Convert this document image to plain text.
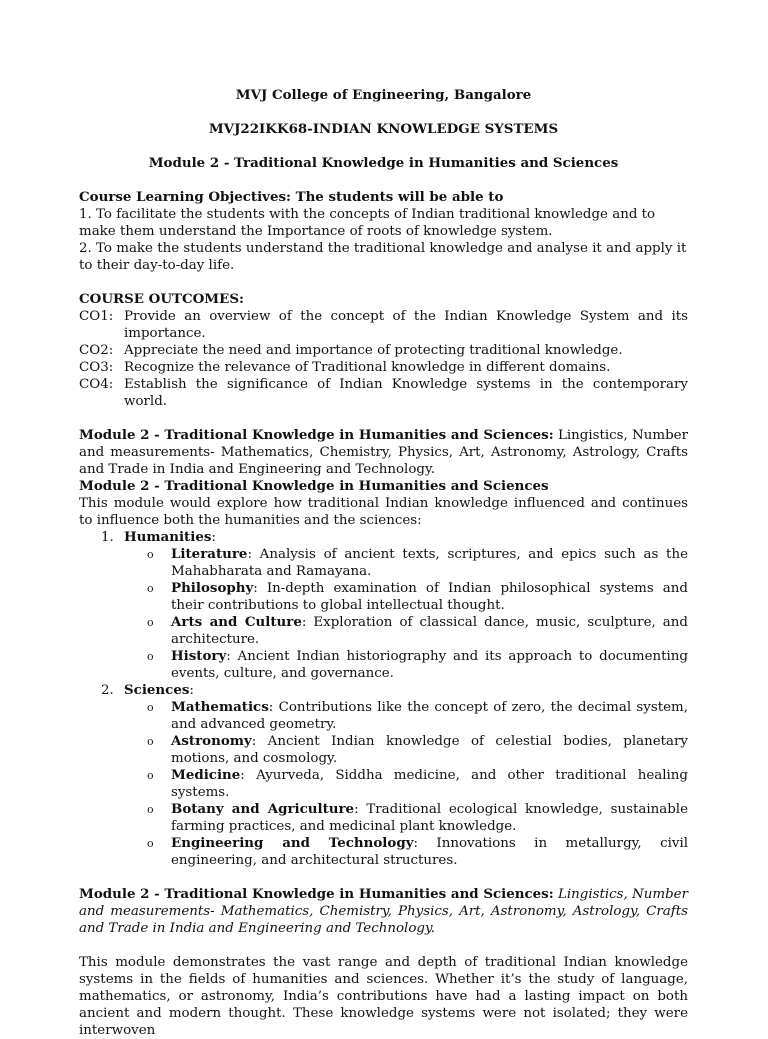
MVJ College of Engineering, Bangalore

MVJ22IKK68-INDIAN KNOWLEDGE SYSTEMS

Module 2 - Traditional Knowledge in Humanities and Sciences

Course Learning Objectives: The students will be able to

1. To facilitate the students with the concepts of Indian traditional knowledge and to make them understand the Importance of roots of knowledge system.

2. To make the students understand the traditional knowledge and analyse it and apply it to their day-to-day life.

COURSE OUTCOMES:

CO1: Provide an overview of the concept of the Indian Knowledge System and its importance.
CO2: Appreciate the need and importance of protecting traditional knowledge.
CO3: Recognize the relevance of Traditional knowledge in different domains.
CO4: Establish the significance of Indian Knowledge systems in the contemporary world.

Module 2 - Traditional Knowledge in Humanities and Sciences: Lingistics, Number and measurements- Mathematics, Chemistry, Physics, Art, Astronomy, Astrology, Crafts and Trade in India and Engineering and Technology.

Module 2 - Traditional Knowledge in Humanities and Sciences

This module would explore how traditional Indian knowledge influenced and continues to influence both the humanities and the sciences:

1. Humanities:
o Literature: Analysis of ancient texts, scriptures, and epics such as the Mahabharata and Ramayana.
o Philosophy: In-depth examination of Indian philosophical systems and their contributions to global intellectual thought.
o Arts and Culture: Exploration of classical dance, music, sculpture, and architecture.
o History: Ancient Indian historiography and its approach to documenting events, culture, and governance.
2. Sciences:
o Mathematics: Contributions like the concept of zero, the decimal system, and advanced geometry.
o Astronomy: Ancient Indian knowledge of celestial bodies, planetary motions, and cosmology.
o Medicine: Ayurveda, Siddha medicine, and other traditional healing systems.
o Botany and Agriculture: Traditional ecological knowledge, sustainable farming practices, and medicinal plant knowledge.
o Engineering and Technology: Innovations in metallurgy, civil engineering, and architectural structures.

Module 2 - Traditional Knowledge in Humanities and Sciences: Lingistics, Number and measurements- Mathematics, Chemistry, Physics, Art, Astronomy, Astrology, Crafts and Trade in India and Engineering and Technology.

This module demonstrates the vast range and depth of traditional Indian knowledge systems in the fields of humanities and sciences. Whether it’s the study of language, mathematics, or astronomy, India’s contributions have had a lasting impact on both ancient and modern thought. These knowledge systems were not isolated; they were interwoven
